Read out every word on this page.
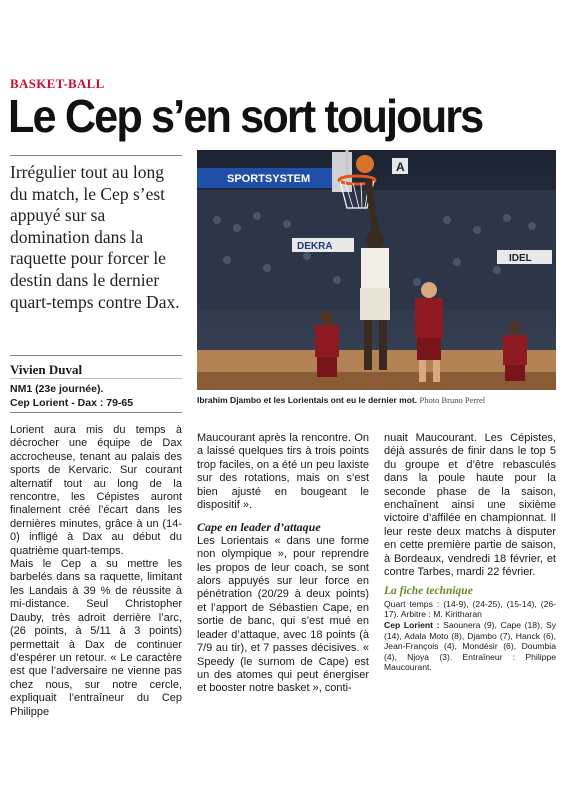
BASKET-BALL
Le Cep s’en sort toujours
Irrégulier tout au long du match, le Cep s’est appuyé sur sa domination dans la raquette pour forcer le destin dans le dernier quart-temps contre Dax.
Vivien Duval
NM1 (23e journée).
Cep Lorient - Dax : 79-65
DEKRA
IDEL
A
SPORTSYSTEM
Ibrahim Djambo et les Lorientais ont eu le dernier mot. Photo Bruno Perrel

Lorient aura mis du temps à décrocher une équipe de Dax accrocheuse, tenant au palais des sports de Kervaric. Sur courant alternatif tout au long de la rencontre, les Cépistes auront finalement créé l’écart dans les dernières minutes, grâce à un (14-0) infligé à Dax au début du quatrième quart-temps.

Mais le Cep a su mettre les barbelés dans sa raquette, limitant les Landais à 39 % de réussite à mi-distance. Seul Christopher Dauby, très adroit derrière l’arc, (26 points, à 5/11 à 3 points) permettait à Dax de continuer d’espérer un retour. « Le caractère est que l’adversaire ne vienne pas chez nous, sur notre cercle, expliquait l’entraîneur du Cep Philippe

Maucourant après la rencontre. On a laissé quelques tirs à trois points trop faciles, on a été un peu laxiste sur des rotations, mais on s’est bien ajusté en bougeant le dispositif ».

Cape en leader d’attaque

Les Lorientais « dans une forme non olympique », pour reprendre les propos de leur coach, se sont alors appuyés sur leur force en pénétration (20/29 à deux points) et l’apport de Sébastien Cape, en sortie de banc, qui s’est mué en leader d’attaque, avec 18 points (à 7/9 au tir), et 7 passes décisives. « Speedy (le surnom de Cape) est un des atomes qui peut énergiser et booster notre basket », conti-

nuait Maucourant. Les Cépistes, déjà assurés de finir dans le top 5 du groupe et d’être rebasculés dans la poule haute pour la seconde phase de la saison, enchaînent ainsi une sixième victoire d’affilée en championnat. Il leur reste deux matchs à disputer en cette première partie de saison, à Bordeaux, vendredi 18 février, et contre Tarbes, mardi 22 février.

La fiche technique

Quart temps : (14-9), (24-25), (15-14), (26-17). Arbitre : M. Kiritharan

Cep Lorient : Saounera (9), Cape (18), Sy (14), Adala Moto (8), Djambo (7), Hanck (6), Jean-François (4), Mondésir (6), Doumbia (4), Njoya (3). Entraîneur : Philippe Maucourant.
